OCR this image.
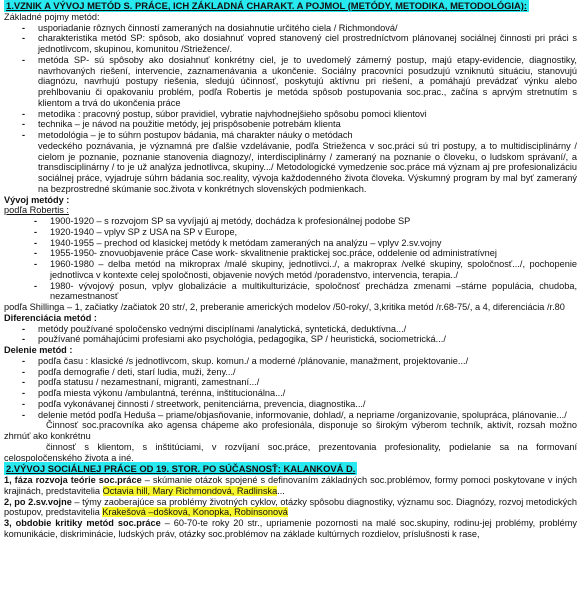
1.VZNIK A VÝVOJ METÓD S. PRÁCE, ICH ZÁKLADNÁ CHARAKT. A POJMOL (METÓDY, METODIKA, METODOLÓGIA):

Základné pojmy metód:

- usporiadanie rôznych činností zameraných na dosiahnutie určitého ciela / Richmondová/
- charakteristika metód SP: spôsob, ako dosiahnuť vopred stanovený ciel prostredníctvom plánovanej sociálnej činnosti pri práci s jednotlivcom, skupinou, komunitou /Striežence/.
- metóda SP- sú spôsoby ako dosiahnuť konkrétny ciel, je to uvedomelý zámerný postup, majú etapy-evidencie, diagnostiky, navrhovaných riešení, intervencie, zaznamenávania a ukončenie. Sociálny pracovníci posudzujú vzniknutú situáciu, stanovujú diagnózu, navrhujú postupy riešenia, sledujú účinnosť, poskytujú aktívnu pri riešení, a pomáhajú prevádzať výnku alebo prehlbovaniu či opakovaniu problém, podľa Robertis je metóda spôsob postupovania soc.prac., začína s aprvým stretnutím s klientom a trvá do ukončenia práce
- metodika : pracovný postup, súbor pravidiel, vybratie najvhodnejšieho spôsobu pomoci klientovi
- technika – je návod na použitie metódy, jej prispôsobenie potrebám klienta
- metodológia – je to súhrn postupov bádania, má charakter náuky o metódach

vedeckého poznávania, je významná pre ďalšie vzdelávanie, podľa Strieženca v soc.práci sú tri postupy, a to multidisciplinárny / cielom je poznanie, poznanie stanovenia diagnozy/, interdisciplinárny / zameraný na poznanie o človeku, o ludskom správaní/, a transdisciplinárny / to je už analýza jednotlivca, skupiny.../ Metodologické vymedzenie soc.práce má význam aj pre profesionalizáciu sociálnej práce, vyjadruje súhrn bádania soc.reality, vývoja každodenného života človeka. Výskumný program by mal byť zameraný na bezprostredné skúmanie soc.života v konkrétnych slovenských podmienkach.

Vývoj metódy :

podľa Robertis :

- 1900-1920 – s rozvojom SP sa vyvíjajú aj metódy, dochádza k profesionálnej podobe SP
- 1920-1940 – vplyv SP z USA na SP v Europe,
- 1940-1955 – prechod od klasickej metódy k metódam zameraných na analýzu – vplyv 2.sv.vojny
- 1955-1950- znovuobjavenie práce Case work- skvalitnenie praktickej soc.práce, oddelenie od administratívnej
- 1960-1980 – delba metód na mikroprax /malé skupiny, jednotlivci../, a makroprax /velké skupiny, spoločnosť.../, pochopenie jednotlivca v kontexte celej spoločnosti, objavenie nových metód /poradenstvo, intervencia, terapia../
- 1980- vývojový posun, vplyv globalizácie a multikulturizácie, spoločnosť prechádza zmenami –stárne populácia, chudoba, nezamestnanosť

podľa Shillinga – 1, začiatky /začiatok 20 str/, 2, preberanie amerických modelov /50-roky/, 3,kritika metód /r.68-75/, a 4, diferenciácia /r.80

Diferenciácia metód :

- metódy používané spoločensko vednými disciplínami /analytická, syntetická, deduktívna.../
- používané pomáhajúcimi profesiami ako psychológia, pedagogika, SP / heuristická, sociometrická.../

Delenie metód :

- podľa času : klasické /s jednotlivcom, skup. komun./ a moderné /plánovanie, manažment, projektovanie.../
- podľa demografie / deti, starí ludia, muži, ženy.../
- podľa statusu / nezamestnaní, migranti, zamestnaní.../
- podľa miesta výkonu /ambulantná, terénna, inštitucionálna.../
- podľa vykonávanej činnosti / streetwork, penitenciárna, prevencia, diagnostika.../
- delenie metód podľa Heduša – priame/objasňovanie, informovanie, dohlad/, a nepriame /organizovanie, spolupráca, plánovanie.../

Činnosť soc.pracovníka ako agensa chápeme ako profesionála, disponuje so širokým výberom techník, aktivít, rozsah možno zhrnúť ako konkrétnu

činnosť s klientom, s inštitúciami, v rozvíjaní soc.práce, prezentovania profesionality, podielanie sa na formovaní celospoločenského života a iné.

2.VÝVOJ SOCIÁLNEJ PRÁCE OD 19. STOR. PO SÚČASNOSŤ: KALANKOVÁ D.

1, fáza rozvoja teórie soc.práce – skúmanie otázok spojené s definovaním základných soc.problémov, formy pomoci poskytovane v iných krajinách, predstavitelia Octavia hill, Mary Richmondová, Radlinska...

2, po 2.sv.vojne – týmy zaoberajúce sa problémy životných cyklov, otázky spôsobu diagnostiky, významu soc. Diagnózy, rozvoj metodických postupov, predstavitelia Krakešová –došková, Konopka, Robinsonová

3, obdobie kritiky metód soc.práce – 60-70-te roky 20 str., upriamenie pozornosti na malé soc.skupiny, rodinu-jej problémy, problémy komunikácie, diskriminácie, ludských práv, otázky soc.problémov na základe kultúrnych rozdielov, príslušnosti k rase,
